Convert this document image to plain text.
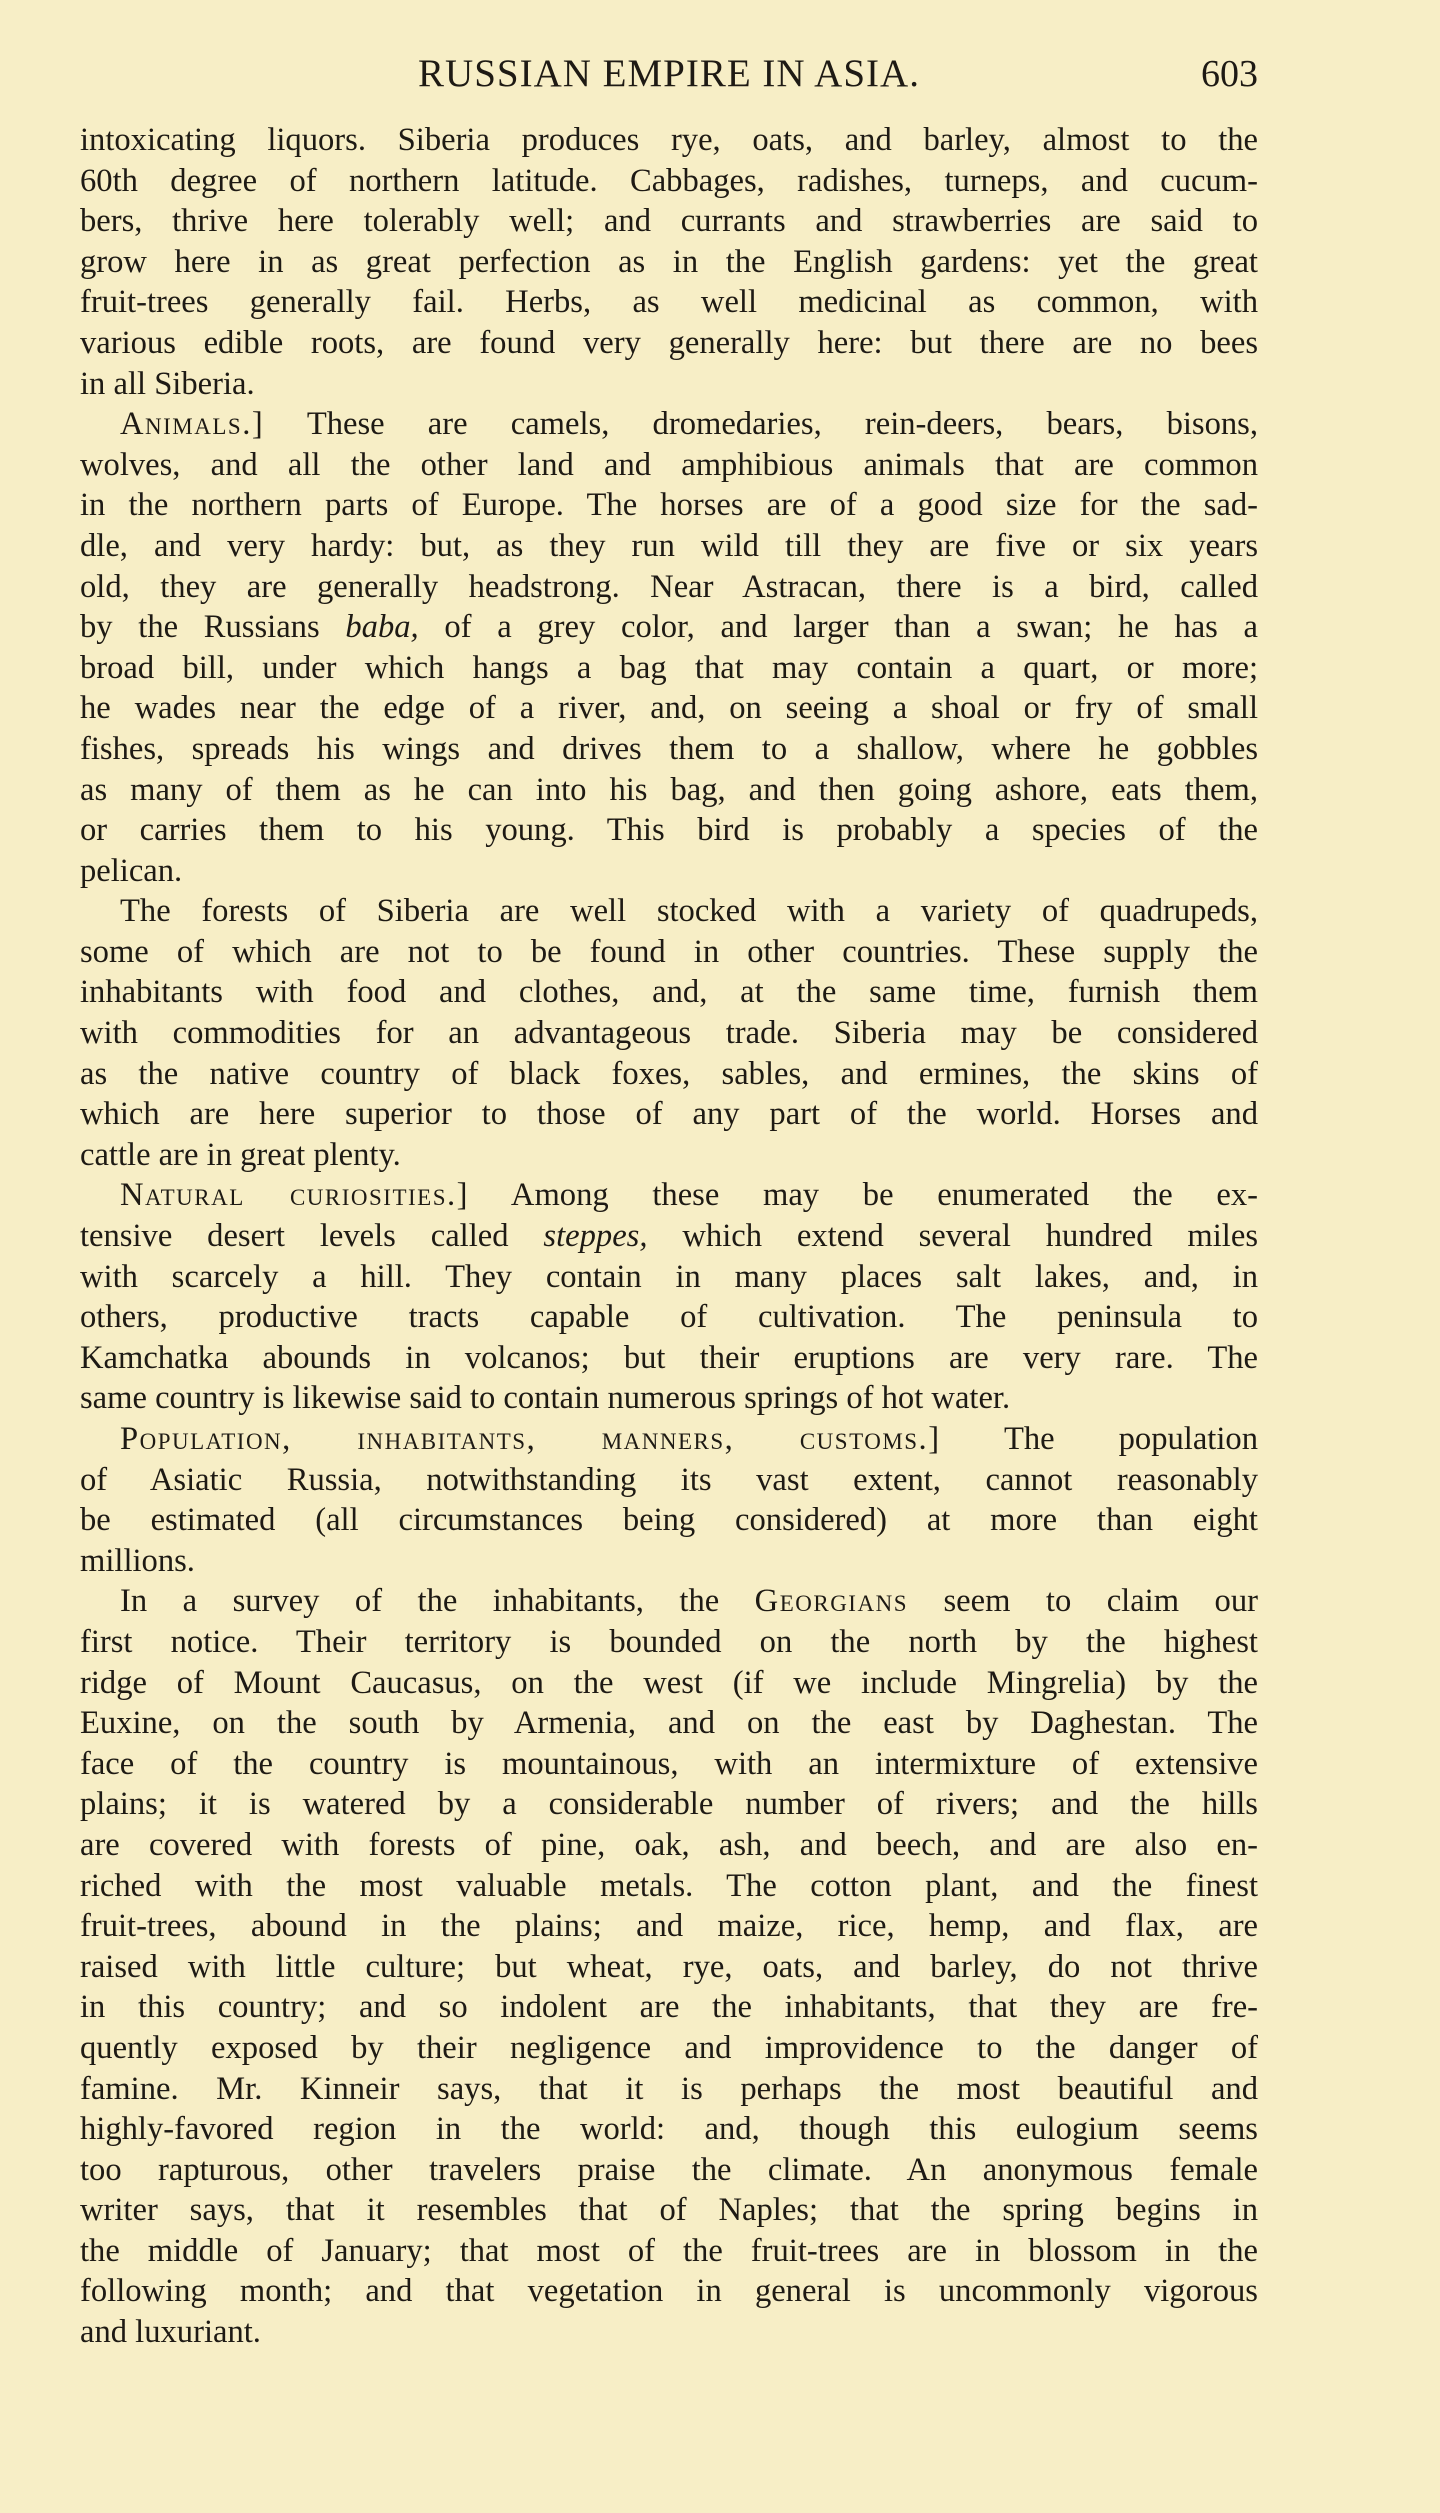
RUSSIAN EMPIRE IN ASIA.	603
intoxicating liquors. Siberia produces rye, oats, and barley, almost to the
60th degree of northern latitude. Cabbages, radishes, turneps, and cucum-
bers, thrive here tolerably well; and currants and strawberries are said to
grow here in as great perfection as in the English gardens: yet the great
fruit-trees generally fail. Herbs, as well medicinal as common, with
various edible roots, are found very generally here: but there are no bees
in all Siberia.
Animals.] These are camels, dromedaries, rein-deers, bears, bisons,
wolves, and all the other land and amphibious animals that are common
in the northern parts of Europe. The horses are of a good size for the sad-
dle, and very hardy: but, as they run wild till they are five or six years
old, they are generally headstrong. Near Astracan, there is a bird, called
by the Russians baba, of a grey color, and larger than a swan; he has a
broad bill, under which hangs a bag that may contain a quart, or more;
he wades near the edge of a river, and, on seeing a shoal or fry of small
fishes, spreads his wings and drives them to a shallow, where he gobbles
as many of them as he can into his bag, and then going ashore, eats them,
or carries them to his young. This bird is probably a species of the
pelican.
The forests of Siberia are well stocked with a variety of quadrupeds,
some of which are not to be found in other countries. These supply the
inhabitants with food and clothes, and, at the same time, furnish them
with commodities for an advantageous trade. Siberia may be considered
as the native country of black foxes, sables, and ermines, the skins of
which are here superior to those of any part of the world. Horses and
cattle are in great plenty.
Natural curiosities.] Among these may be enumerated the ex-
tensive desert levels called steppes, which extend several hundred miles
with scarcely a hill. They contain in many places salt lakes, and, in
others, productive tracts capable of cultivation. The peninsula to
Kamchatka abounds in volcanos; but their eruptions are very rare. The
same country is likewise said to contain numerous springs of hot water.
Population, inhabitants, manners, customs.] The population
of Asiatic Russia, notwithstanding its vast extent, cannot reasonably
be estimated (all circumstances being considered) at more than eight
millions.
In a survey of the inhabitants, the Georgians seem to claim our
first notice. Their territory is bounded on the north by the highest
ridge of Mount Caucasus, on the west (if we include Mingrelia) by the
Euxine, on the south by Armenia, and on the east by Daghestan. The
face of the country is mountainous, with an intermixture of extensive
plains; it is watered by a considerable number of rivers; and the hills
are covered with forests of pine, oak, ash, and beech, and are also en-
riched with the most valuable metals. The cotton plant, and the finest
fruit-trees, abound in the plains; and maize, rice, hemp, and flax, are
raised with little culture; but wheat, rye, oats, and barley, do not thrive
in this country; and so indolent are the inhabitants, that they are fre-
quently exposed by their negligence and improvidence to the danger of
famine. Mr. Kinneir says, that it is perhaps the most beautiful and
highly-favored region in the world: and, though this eulogium seems
too rapturous, other travelers praise the climate. An anonymous female
writer says, that it resembles that of Naples; that the spring begins in
the middle of January; that most of the fruit-trees are in blossom in the
following month; and that vegetation in general is uncommonly vigorous
and luxuriant.
